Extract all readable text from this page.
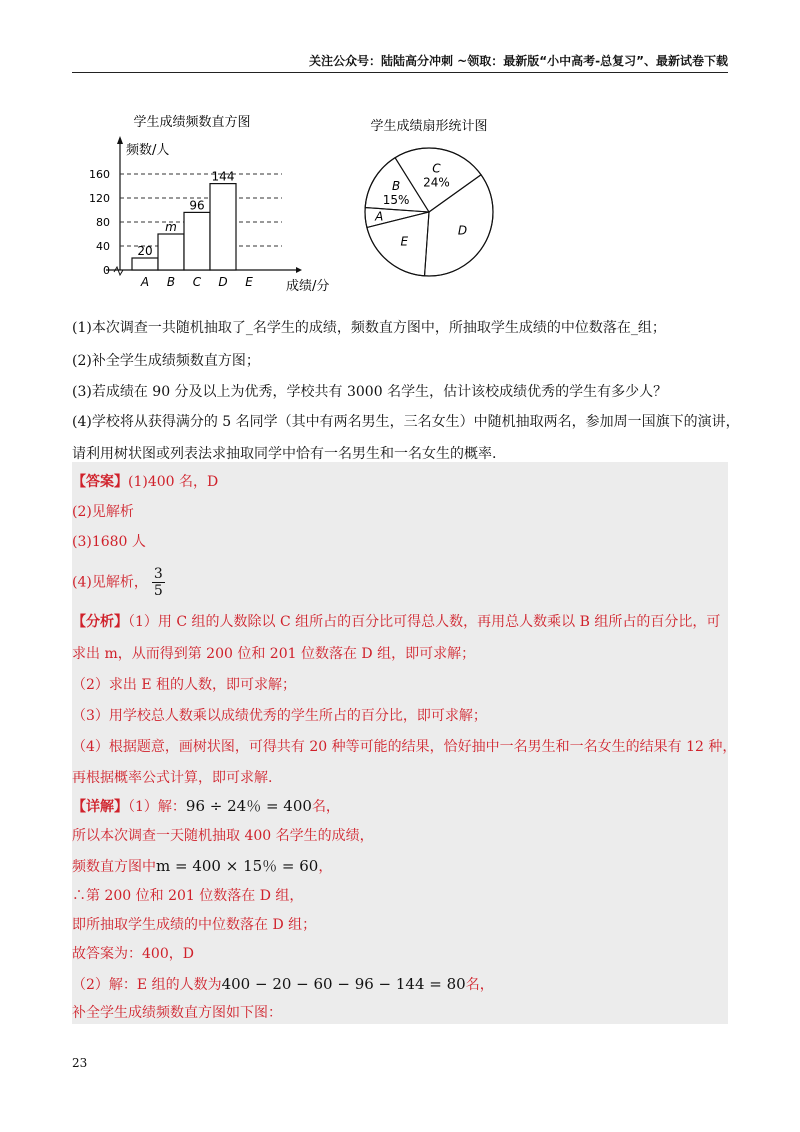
关注公众号：陆陆高分冲刺 ~领取：最新版“小中高考-总复习”、最新试卷下载
学生成绩频数直方图
频数/人
成绩/分
0
40
80
120
160
20
A
m
B
96
C
144
D E
学生成绩扇形统计图
A
B
15%
C
24%
D
E
(1)本次调查一共随机抽取了_名学生的成绩，频数直方图中，所抽取学生成绩的中位数落在_组；
(2)补全学生成绩频数直方图；
(3)若成绩在 90 分及以上为优秀，学校共有 3000 名学生，估计该校成绩优秀的学生有多少人？
(4)学校将从获得满分的 5 名同学（其中有两名男生，三名女生）中随机抽取两名，参加周一国旗下的演讲，
请利用树状图或列表法求抽取同学中恰有一名男生和一名女生的概率.
【答案】(1)400 名，D
(2)见解析
(3)1680 人
(4)见解析， $\frac{3}{5}$
【分析】（1）用 C 组的人数除以 C 组所占的百分比可得总人数，再用总人数乘以 B 组所占的百分比，可
求出 m，从而得到第 200 位和 201 位数落在 D 组，即可求解；
（2）求出 E 租的人数，即可求解；
（3）用学校总人数乘以成绩优秀的学生所占的百分比，即可求解；
（4）根据题意，画树状图，可得共有 20 种等可能的结果，恰好抽中一名男生和一名女生的结果有 12 种，
再根据概率公式计算，即可求解.
【详解】（1）解：96 ÷ 24％ = 400名，
所以本次调查一天随机抽取 400 名学生的成绩，
频数直方图中m = 400 × 15％ = 60，
∴第 200 位和 201 位数落在 D 组，
即所抽取学生成绩的中位数落在 D 组；
故答案为：400，D
（2）解：E 组的人数为400 − 20 − 60 − 96 − 144 = 80名，
补全学生成绩频数直方图如下图：
23
